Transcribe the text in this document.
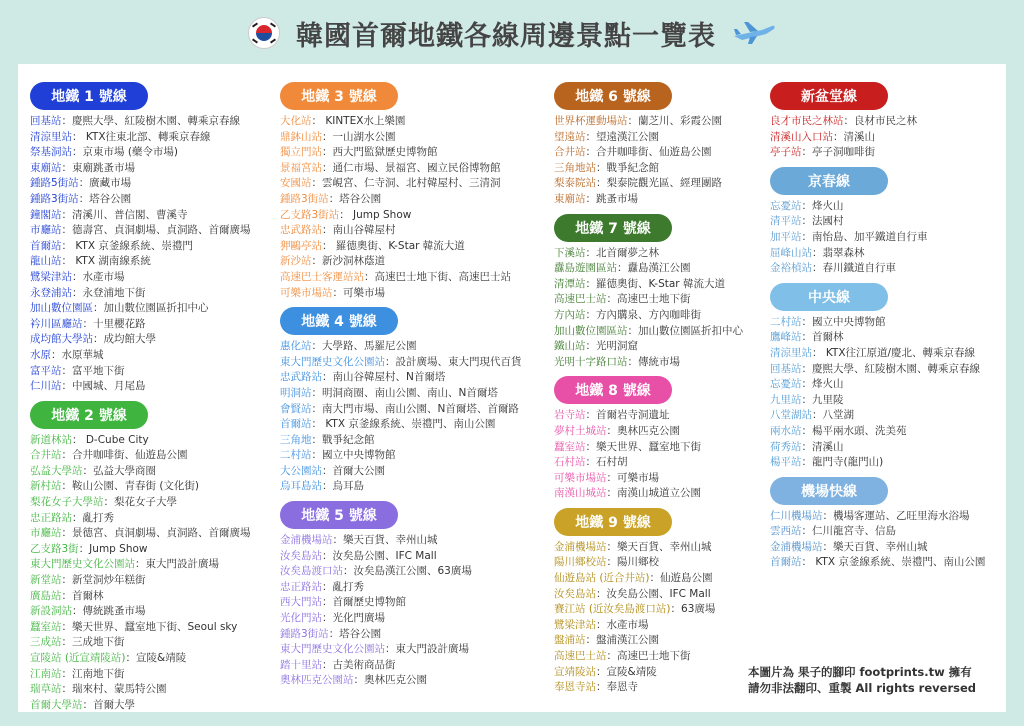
韓國首爾地鐵各線周邊景點一覽表
地鐵 1 號線
回基站：慶熙大學、紅陵樹木園、轉乘京春線
清涼里站： KTX往東北部、轉乘京春線
祭基洞站：京東市場 (藥令市場)
東廟站：東廟跳蚤市場
鍾路5街站：廣藏市場
鍾路3街站：塔谷公園
鐘閣站：清溪川、普信閣、曹溪寺
市廳站：德壽宮、貞洞劇場、貞洞路、首爾廣場
首爾站： KTX 京釜線系統、崇禮門
龍山站： KTX 湖南線系統
鷺梁津站：水產市場
永登浦站：永登浦地下街
加山數位園區：加山數位園區折扣中心
衿川區廳站：十里櫻花路
成均館大學站：成均館大學
水原：水原華城
富平站：富平地下街
仁川站：中國城、月尾島
地鐵 2 號線
新道林站： D-Cube City
合井站：合井咖啡街、仙遊島公園
弘益大學站：弘益大學商圈
新村站：鞍山公園、青春街 (文化街)
梨花女子大學站：梨花女子大學
忠正路站：亂打秀
市廳站：景德宮、貞洞劇場、貞洞路、首爾廣場
乙支路3街：Jump Show
東大門歷史文化公園站：東大門設計廣場
新堂站：新堂洞炒年糕街
廣島站：首爾林
新設洞站：傳統跳蚤市場
蠶室站：樂天世界、蠶室地下街、Seoul sky
三成站：三成地下街
宣陵站 (近宣靖陵站)：宣陵&靖陵
江南站：江南地下街
瑞草站：瑞來村、蒙馬特公園
首爾大學站：首爾大學
地鐵 3 號線
大化站： KINTEX水上樂園
鼎鉢山站：一山湖水公園
獨立門站：西大門監獄歷史博物館
景福宮站：通仁市場、景福宮、國立民俗博物館
安國站：雲峴宮、仁寺洞、北村韓屋村、三清洞
鍾路3街站：塔谷公園
乙支路3街站： Jump Show
忠武路站：南山谷韓屋村
狎鷗亭站： 羅德奧街、K-Star 韓流大道
新沙站：新沙洞林蔭道
高速巴士客運站站：高速巴士地下街、高速巴士站
可樂市場站：可樂市場
地鐵 4 號線
惠化站：大學路、馬羅尼公園
東大門歷史文化公園站：設計廣場、東大門現代百貨
忠武路站：南山谷韓屋村、N首爾塔
明洞站：明洞商圈、南山公園、南山、N首爾塔
會賢站：南大門市場、南山公園、N首爾塔、首爾路
首爾站： KTX 京釜線系統、崇禮門、南山公園
三角地：戰爭紀念館
二村站：國立中央博物館
大公園站：首爾大公園
烏耳島站：烏耳島
地鐵 5 號線
金浦機場站：樂天百貨、幸州山城
汝矣島站：汝矣島公園、IFC Mall
汝矣島渡口站：汝矣島漢江公園、63廣場
忠正路站：亂打秀
西大門站：首爾歷史博物館
光化門站：光化門廣場
鍾路3街站：塔谷公園
東大門歷史文化公園站：東大門設計廣場
踏十里站：古美術商品街
奧林匹克公園站：奧林匹克公園
地鐵 6 號線
世界杯運動場站：蘭芝川、彩霞公園
望遠站：望遠漢江公園
合井站：合井咖啡街、仙遊島公園
三角地站：戰爭紀念館
梨泰院站：梨泰院觀光區、經理團路
東廟站：跳蚤市場
地鐵 7 號線
下溪站：北首爾夢之林
纛島遊園區站：纛島漢江公園
清潭站：羅德奧街、K-Star 韓流大道
高速巴士站：高速巴士地下街
方內站：方內購泉、方內咖啡街
加山數位園區站：加山數位園區折扣中心
鐵山站：光明洞窟
光明十字路口站：傳統市場
地鐵 8 號線
岩寺站：首爾岩寺洞遺址
夢村土城站：奧林匹克公園
蠶室站：樂天世界、蠶室地下街
石村站：石村胡
可樂市場站：可樂市場
南漢山城站：南漢山城道立公園
地鐵 9 號線
金浦機場站：樂天百貨、幸州山城
陽川鄉校站：陽川鄉校
仙遊島站 (近合井站)：仙遊島公園
汝矣島站：汝矣島公園、IFC Mall
賽江站 (近汝矣島渡口站)：63廣場
鷺梁津站：水產市場
盤浦站：盤浦漢江公園
高速巴士站：高速巴士地下街
宣靖陵站：宣陵&靖陵
奉恩寺站：奉恩寺
新盆堂線
良才市民之林站：良材市民之林
清溪山入口站：清溪山
亭子站：亭子洞咖啡街
京春線
忘憂站：烽火山
清平站：法國村
加平站：南怡島、加平鐵道自行車
屈峰山站：翡翠森林
金裕楨站：春川鐵道自行車
中央線
二村站：國立中央博物館
鷹峰站：首爾林
清涼里站： KTX往江原道/慶北、轉乘京春線
回基站：慶熙大學、紅陵樹木園、轉乘京春線
忘憂站：烽火山
九里站：九里陵
八堂湖站：八堂湖
兩水站：楊平兩水頭、洗美苑
荷秀站：清溪山
楊平站：龍門寺(龍門山)
機場快線
仁川機場站：機場客運站、乙旺里海水浴場
雲西站：仁川龍宮寺、信島
金浦機場站：樂天百貨、幸州山城
首爾站： KTX 京釜線系統、崇禮門、南山公園
本圖片為 果子的腳印 footprints.tw 擁有
請勿非法翻印、重製 All rights reversed
